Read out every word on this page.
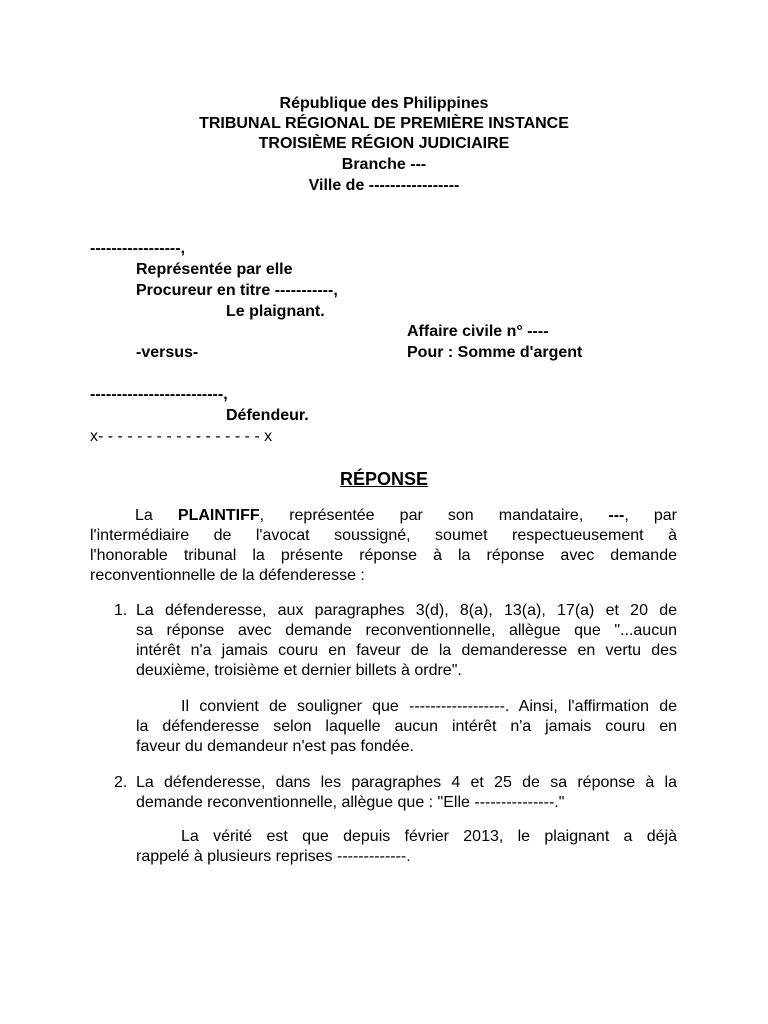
République des Philippines
TRIBUNAL RÉGIONAL DE PREMIÈRE INSTANCE
TROISIÈME RÉGION JUDICIAIRE
Branche ---
Ville de -----------------
-----------------,
Représentée par elle
Procureur en titre -----------,
Le plaignant.
Affaire civile n° ----
-versus-	Pour : Somme d'argent
-------------------------,
Défendeur.
x- - - - - - - - - - - - - - - - - x
RÉPONSE
La PLAINTIFF, représentée par son mandataire, ---, par
l'intermédiaire de l'avocat soussigné, soumet respectueusement à
l'honorable tribunal la présente réponse à la réponse avec demande
reconventionnelle de la défenderesse :
1. La défenderesse, aux paragraphes 3(d), 8(a), 13(a), 17(a) et 20 de
sa réponse avec demande reconventionnelle, allègue que "...aucun
intérêt n'a jamais couru en faveur de la demanderesse en vertu des
deuxième, troisième et dernier billets à ordre".
Il convient de souligner que ------------------. Ainsi, l'affirmation de
la défenderesse selon laquelle aucun intérêt n'a jamais couru en
faveur du demandeur n'est pas fondée.
2. La défenderesse, dans les paragraphes 4 et 25 de sa réponse à la
demande reconventionnelle, allègue que : "Elle ---------------."
La vérité est que depuis février 2013, le plaignant a déjà
rappelé à plusieurs reprises -------------.
